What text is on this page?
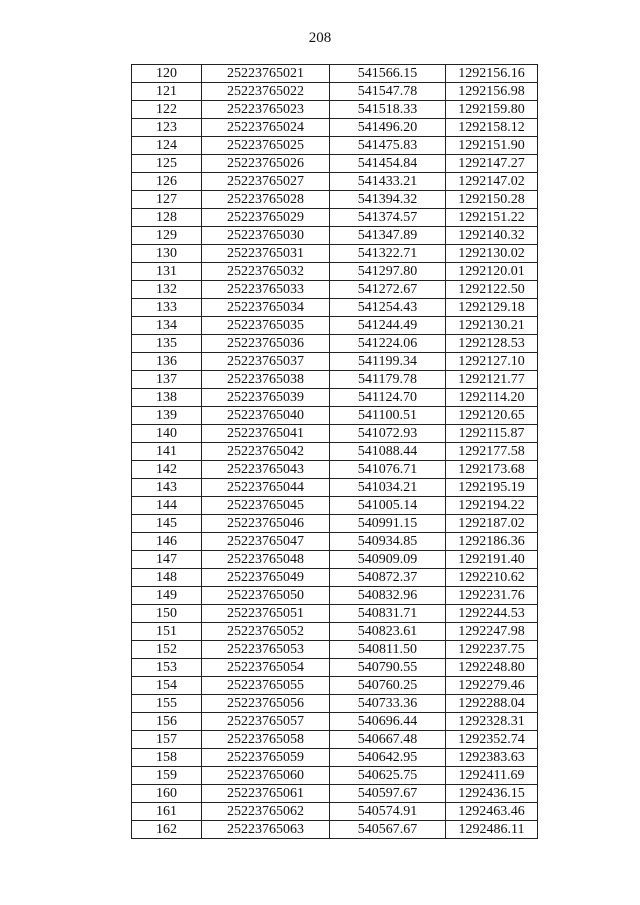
208
120	25223765021	541566.15	1292156.16
121	25223765022	541547.78	1292156.98
122	25223765023	541518.33	1292159.80
123	25223765024	541496.20	1292158.12
124	25223765025	541475.83	1292151.90
125	25223765026	541454.84	1292147.27
126	25223765027	541433.21	1292147.02
127	25223765028	541394.32	1292150.28
128	25223765029	541374.57	1292151.22
129	25223765030	541347.89	1292140.32
130	25223765031	541322.71	1292130.02
131	25223765032	541297.80	1292120.01
132	25223765033	541272.67	1292122.50
133	25223765034	541254.43	1292129.18
134	25223765035	541244.49	1292130.21
135	25223765036	541224.06	1292128.53
136	25223765037	541199.34	1292127.10
137	25223765038	541179.78	1292121.77
138	25223765039	541124.70	1292114.20
139	25223765040	541100.51	1292120.65
140	25223765041	541072.93	1292115.87
141	25223765042	541088.44	1292177.58
142	25223765043	541076.71	1292173.68
143	25223765044	541034.21	1292195.19
144	25223765045	541005.14	1292194.22
145	25223765046	540991.15	1292187.02
146	25223765047	540934.85	1292186.36
147	25223765048	540909.09	1292191.40
148	25223765049	540872.37	1292210.62
149	25223765050	540832.96	1292231.76
150	25223765051	540831.71	1292244.53
151	25223765052	540823.61	1292247.98
152	25223765053	540811.50	1292237.75
153	25223765054	540790.55	1292248.80
154	25223765055	540760.25	1292279.46
155	25223765056	540733.36	1292288.04
156	25223765057	540696.44	1292328.31
157	25223765058	540667.48	1292352.74
158	25223765059	540642.95	1292383.63
159	25223765060	540625.75	1292411.69
160	25223765061	540597.67	1292436.15
161	25223765062	540574.91	1292463.46
162	25223765063	540567.67	1292486.11
